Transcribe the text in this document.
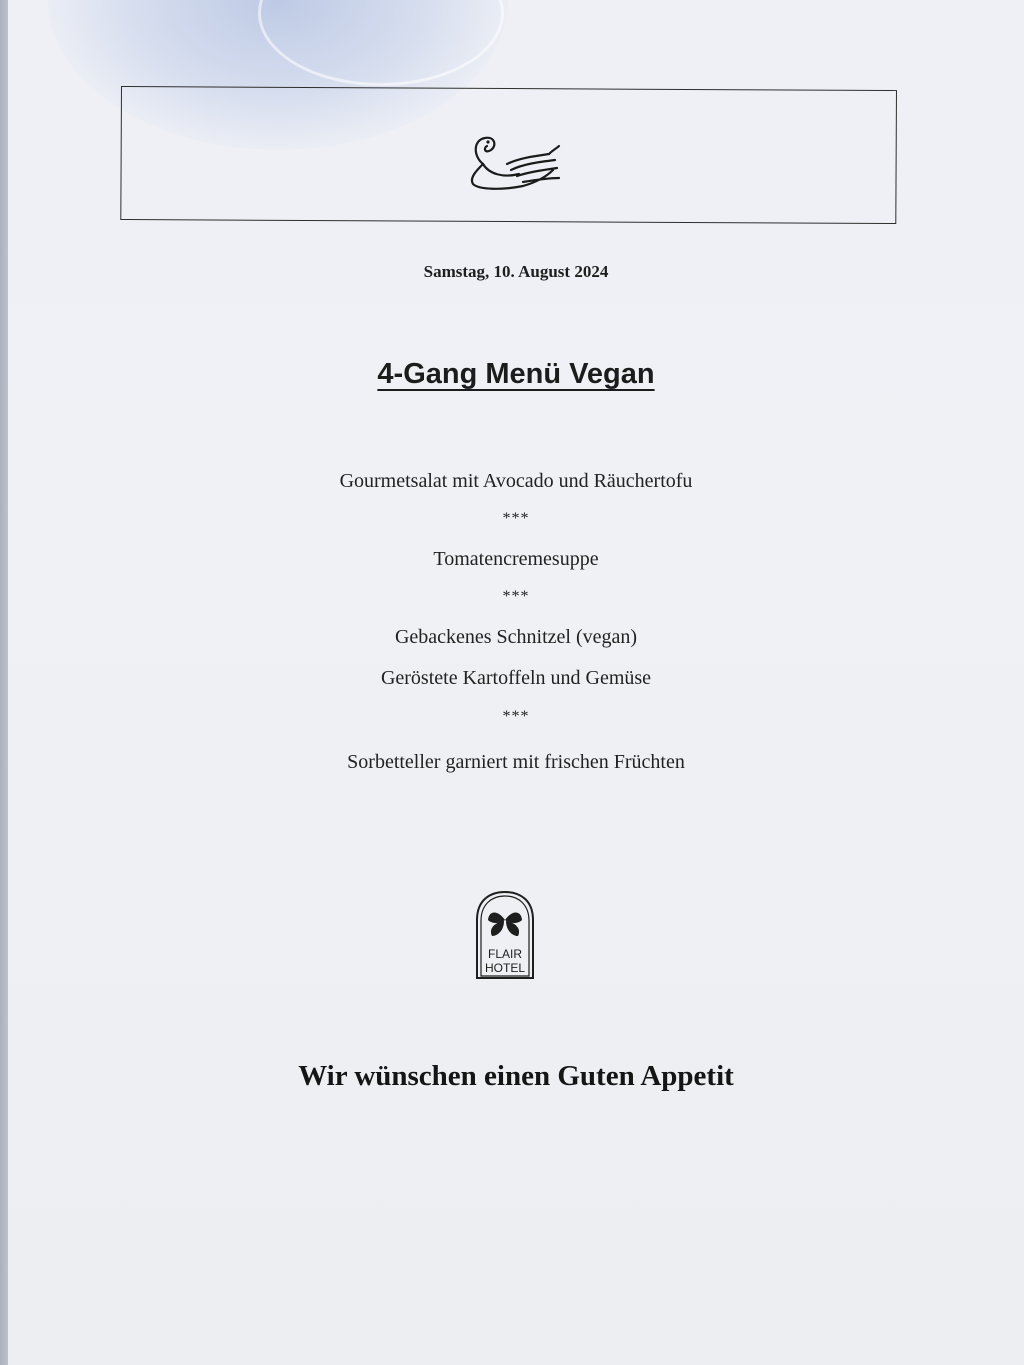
Samstag, 10. August 2024
4-Gang Menü Vegan
Gourmetsalat mit Avocado und Räuchertofu
***
Tomatencremesuppe
***
Gebackenes Schnitzel (vegan)
Geröstete Kartoffeln und Gemüse
***
Sorbetteller garniert mit frischen Früchten
FLAIR
HOTEL
Wir wünschen einen Guten Appetit
